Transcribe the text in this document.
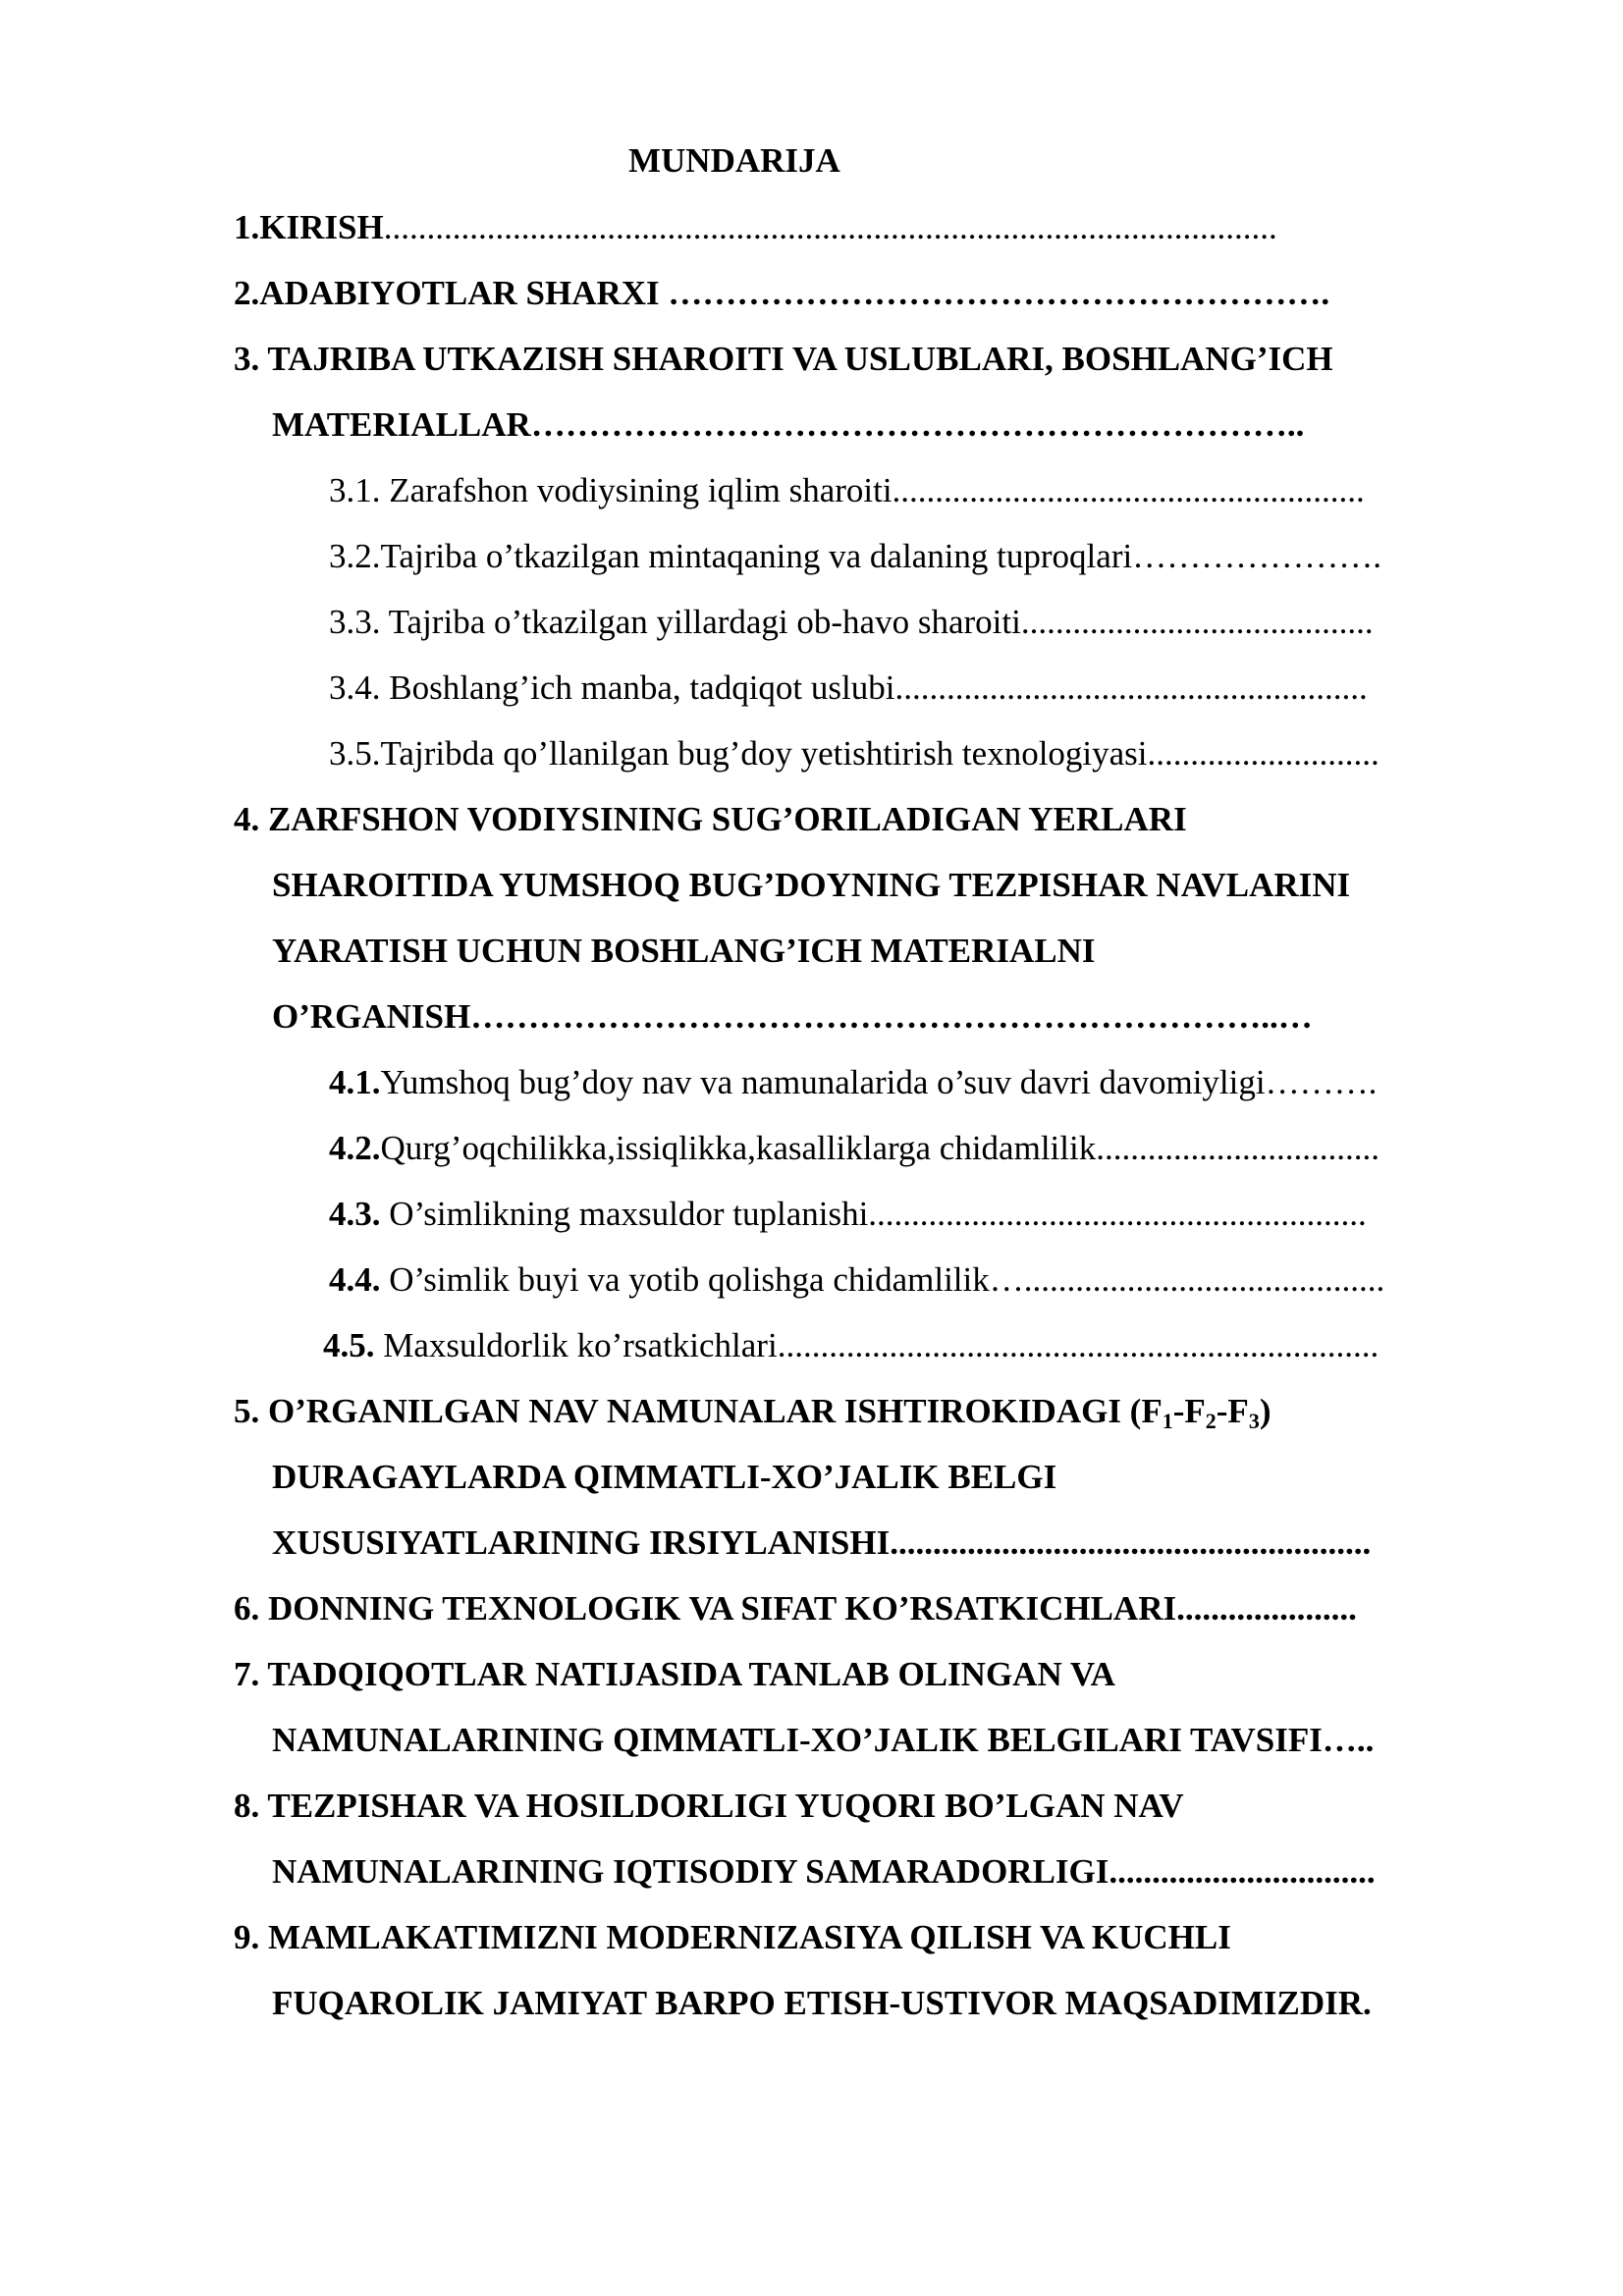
MUNDARIJA
1.KIRISH........................................................................................................
2.ADABIYOTLAR SHARXI ………………………………………………….
3. TAJRIBA UTKAZISH SHAROITI VA USLUBLARI, BOSHLANG’ICH
MATERIALLAR…………………………………………………………..
3.1. Zarafshon vodiysining iqlim sharoiti.......................................................
3.2.Tajriba o’tkazilgan mintaqaning va dalaning tuproqlari………………….
3.3. Tajriba o’tkazilgan yillardagi ob-havo sharoiti.........................................
3.4. Boshlang’ich manba, tadqiqot uslubi.......................................................
3.5.Tajribda qo’llanilgan bug’doy yetishtirish texnologiyasi...........................
4. ZARFSHON VODIYSINING SUG’ORILADIGAN YERLARI
SHAROITIDA YUMSHOQ BUG’DOYNING TEZPISHAR NAVLARINI
YARATISH UCHUN BOSHLANG’ICH MATERIALNI
O’RGANISH……………………………………………………………..…
4.1.Yumshoq bug’doy nav va namunalarida o’suv davri davomiyligi……….
4.2.Qurg’oqchilikka,issiqlikka,kasalliklarga chidamlilik.................................
4.3. O’simlikning maxsuldor tuplanishi..........................................................
4.4. O’simlik buyi va yotib qolishga chidamlilik…..........................................
4.5. Maxsuldorlik ko’rsatkichlari......................................................................
5. O’RGANILGAN NAV NAMUNALAR ISHTIROKIDAGI $(F_1-F_2-F_3)$
DURAGAYLARDA QIMMATLI-XO’JALIK BELGI
XUSUSIYATLARINING IRSIYLANISHI........................................................
6. DONNING TEXNOLOGIK VA SIFAT KO’RSATKICHLARI.....................
7. TADQIQOTLAR NATIJASIDA TANLAB OLINGAN VA
NAMUNALARINING QIMMATLI-XO’JALIK BELGILARI TAVSIFI…..
8. TEZPISHAR VA HOSILDORLIGI YUQORI BO’LGAN NAV
NAMUNALARINING IQTISODIY SAMARADORLIGI...............................
9. MAMLAKATIMIZNI MODERNIZASIYA QILISH VA KUCHLI
FUQAROLIK JAMIYAT BARPO ETISH-USTIVOR MAQSADIMIZDIR.
